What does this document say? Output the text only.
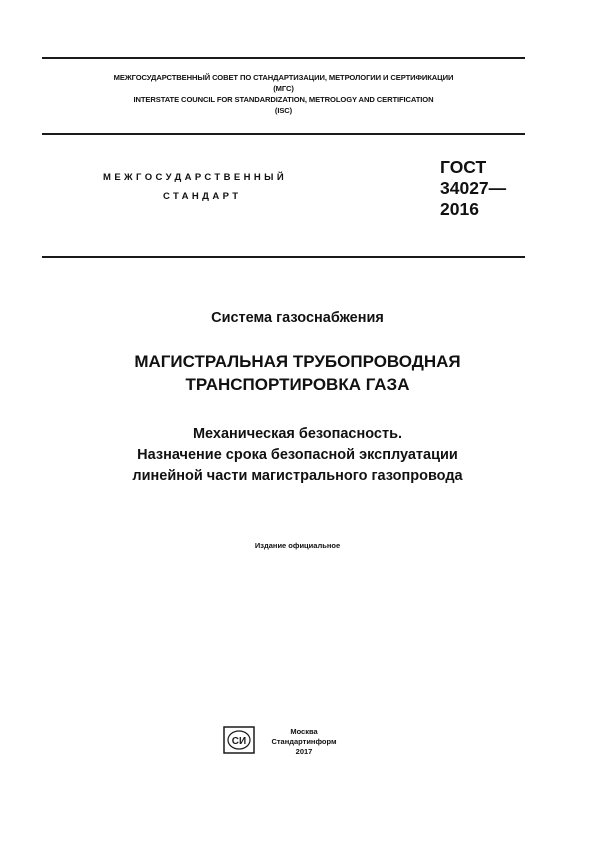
МЕЖГОСУДАРСТВЕННЫЙ СОВЕТ ПО СТАНДАРТИЗАЦИИ, МЕТРОЛОГИИ И СЕРТИФИКАЦИИ
(МГС)
INTERSTATE COUNCIL FOR STANDARDIZATION, METROLOGY AND CERTIFICATION
(ISC)
МЕЖГОСУДАРСТВЕННЫЙ
СТАНДАРТ
ГОСТ
34027—
2016
Система газоснабжения
МАГИСТРАЛЬНАЯ ТРУБОПРОВОДНАЯ
ТРАНСПОРТИРОВКА ГАЗА
Механическая безопасность.
Назначение срока безопасной эксплуатации
линейной части магистрального газопровода
Издание официальное
СИ
Москва
Стандартинформ
2017
